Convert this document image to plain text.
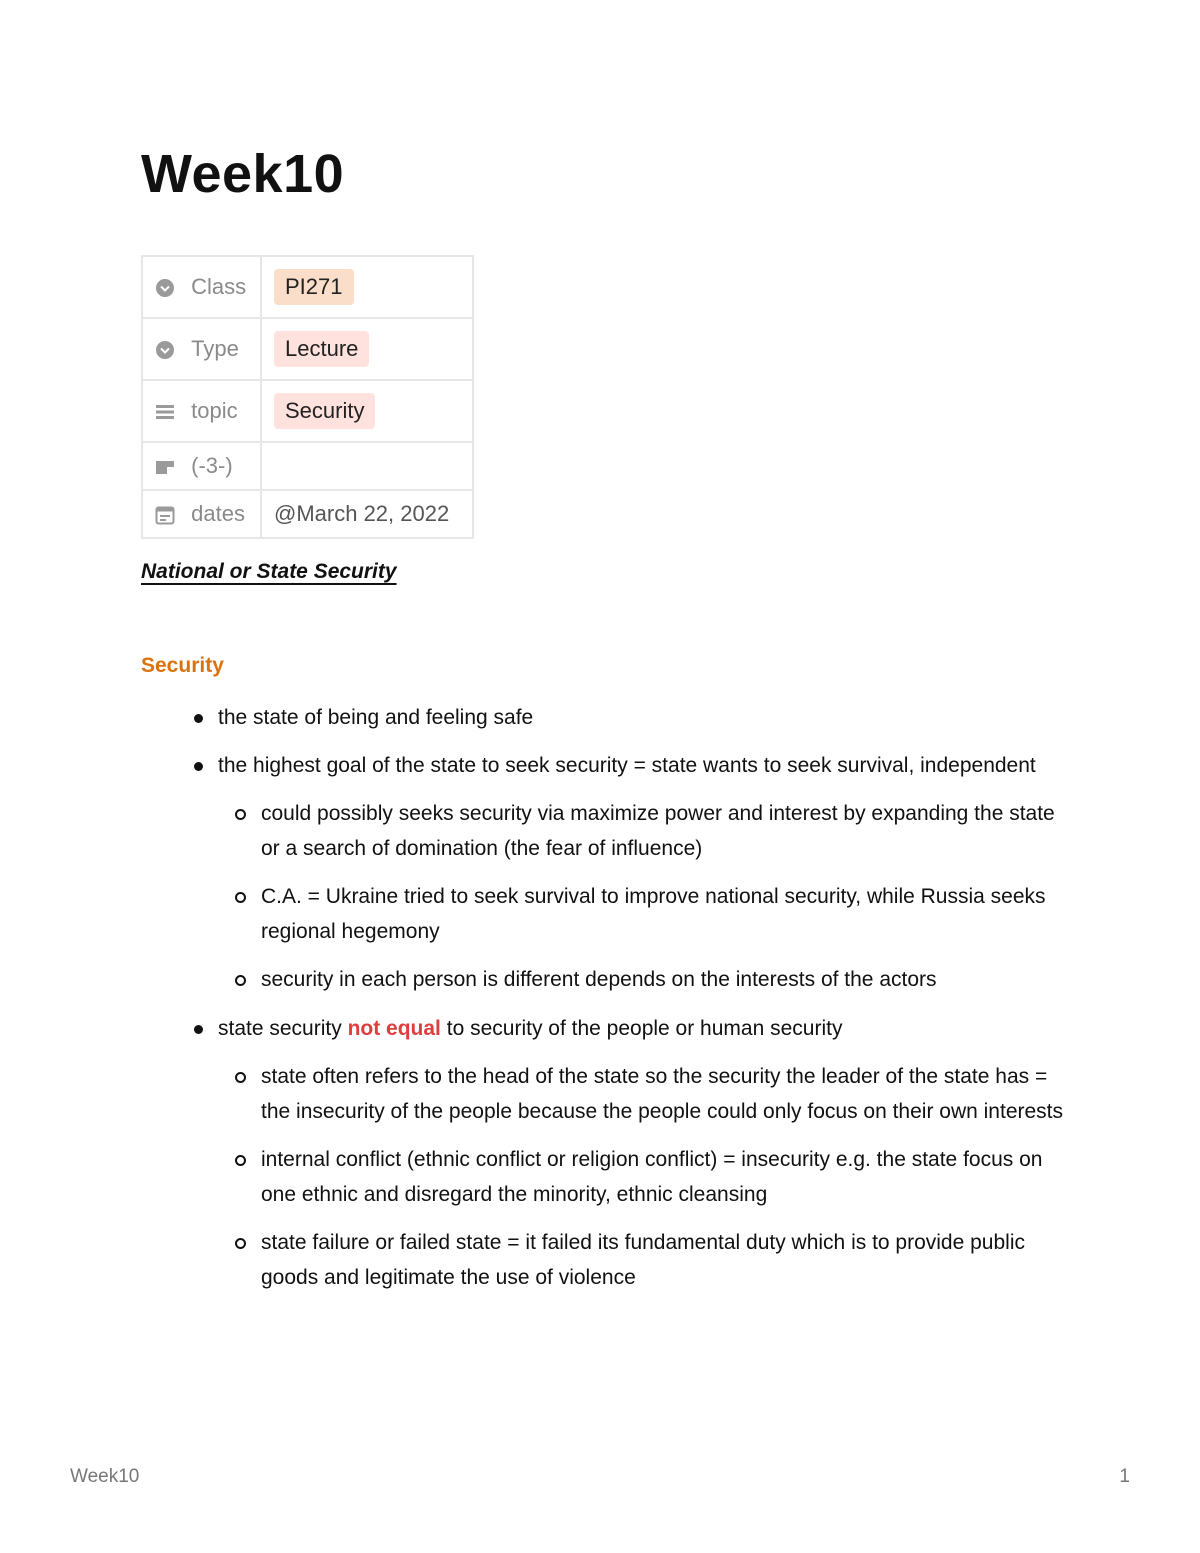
Week10
Class	PI271
Type	Lecture
topic	Security
(-3-)	
dates	@March 22, 2022
National or State Security
Security
the state of being and feeling safe
the highest goal of the state to seek security = state wants to seek survival, independent
could possibly seeks security via maximize power and interest by expanding the state or a search of domination (the fear of influence)
C.A. = Ukraine tried to seek survival to improve national security, while Russia seeks regional hegemony
security in each person is different depends on the interests of the actors
state security not equal to security of the people or human security
state often refers to the head of the state so the security the leader of the state has = the insecurity of the people because the people could only focus on their own interests
internal conflict (ethnic conflict or religion conflict) = insecurity e.g. the state focus on one ethnic and disregard the minority, ethnic cleansing
state failure or failed state = it failed its fundamental duty which is to provide public goods and legitimate the use of violence
Week10	1
